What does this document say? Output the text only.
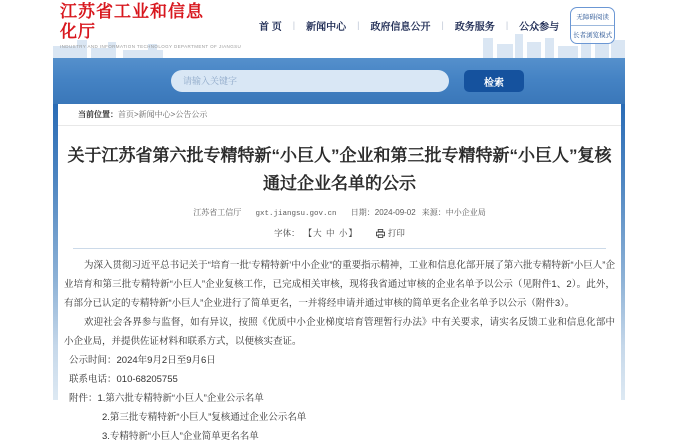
江苏省工业和信息化厅
INDUSTRY AND INFORMATION TECHNOLOGY DEPARTMENT OF JIANGSU
首 页	|	新闻中心	|	政府信息公开	|	政务服务	|	公众参与
无障碍阅读
长者浏览模式
请输入关键字
检索
当前位置： 首页>新闻中心>公告公示
关于江苏省第六批专精特新“小巨人”企业和第三批专精特新“小巨人”复核通过企业名单的公示
江苏省工信厅 gxt.jiangsu.gov.cn 日期：2024-09-02 来源：中小企业局
字体： 【大 中 小】	打印

为深入贯彻习近平总书记关于“培育一批‘专精特新’中小企业”的重要指示精神，工业和信息化部开展了第六批专精特新“小巨人”企业培育和第三批专精特新“小巨人”企业复核工作，已完成相关审核，现将我省通过审核的企业名单予以公示（见附件1、2）。此外，有部分已认定的专精特新“小巨人”企业进行了简单更名，一并将经申请并通过审核的简单更名企业名单予以公示（附件3）。

欢迎社会各界参与监督，如有异议，按照《优质中小企业梯度培育管理暂行办法》中有关要求，请实名反馈工业和信息化部中小企业局，并提供佐证材料和联系方式，以便核实查证。

公示时间：2024年9月2日至9月6日

联系电话：010-68205755

附件：1.第六批专精特新“小巨人”企业公示名单

2.第三批专精特新“小巨人”复核通过企业公示名单

3.专精特新“小巨人”企业简单更名名单
